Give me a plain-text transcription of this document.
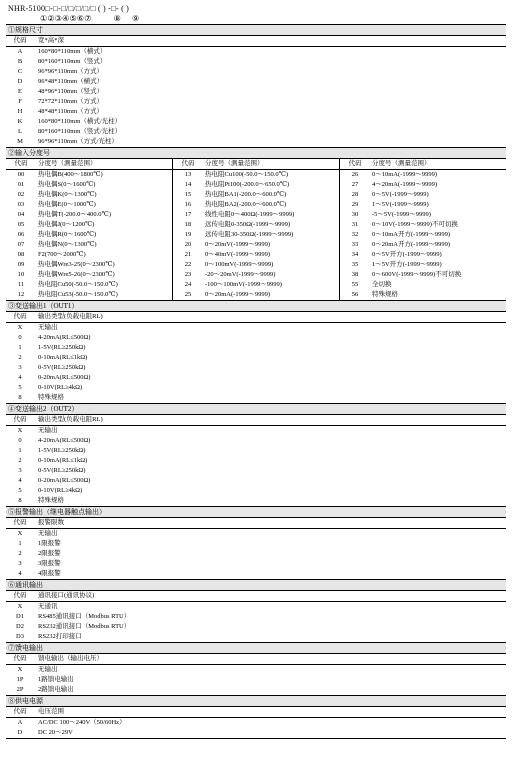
NHR-5100□-□-□/□/□/□/□ ( ) -□- ( )
①②③④⑤⑥⑦          ⑧     ⑨
①规格尺寸
代码	宽*高*深
A	160*80*110mm（横式）
B	80*160*110mm（竖式）
C	96*96*110mm（方式）
D	96*48*110mm（横式）
E	48*96*110mm（竖式）
F	72*72*110mm（方式）
H	48*48*110mm（方式）
K	160*80*110mm（横式/光柱）
L	80*160*110mm（竖式/光柱）
M	96*96*110mm（方式/光柱）
②输入分度号
代码	分度号（测量范围）
00	热电偶B(400～1800℃)
01	热电偶S(0～1600℃)
02	热电偶K(0～1300℃)
03	热电偶E(0～1000℃)
04	热电偶T(-200.0～400.0℃)
05	热电偶J(0～1200℃)
06	热电偶R(0～1600℃)
07	热电偶N(0～1300℃)
08	F2(700～2000℃)
09	热电偶Wre3-25(0～2300℃)
10	热电偶Wre5-26(0～2300℃)
11	热电阻Cu50(-50.0～150.0℃)
12	热电阻Cu53(-50.0～150.0℃)
代码	分度号（测量范围）
13	热电阻Cu100(-50.0～150.0℃)
14	热电阻Pt100(-200.0～650.0℃)
15	热电阻BA1(-200.0～600.0℃)
16	热电阻BA2(-200.0～600.0℃)
17	线性电阻0～400Ω(-1999～9999)
18	远传电阻0-350Ω(-1999～9999)
19	远传电阻30-350Ω(-1999～9999)
20	0～20mV(-1999～9999)
21	0～40mV(-1999～9999)
22	0～100mV(-1999～9999)
23	-20～20mV(-1999～9999)
24	-100～100mV(-1999～9999)
25	0～20mA(-1999～9999)
代码	分度号（测量范围）
26	0～10mA(-1999～9999)
27	4～20mA(-1999～9999)
28	0～5V(-1999～9999)
29	1～5V(-1999～9999)
30	-5～5V(-1999～9999)
31	0～10V(-1999～9999)不可切换
32	0～10mA开方(-1999～9999)
33	0～20mA开方(-1999～9999)
34	0～5V开方(-1999～9999)
35	1～5V开方(-1999～9999)
38	0～600V(-1999～9999)不可切换
55	全切换
56	特殊规格
③变送输出1（OUT1）
代码	输出类型(负载电阻RL)
X	无输出
0	4-20mA(RL≤500Ω)
1	1-5V(RL≥250kΩ)
2	0-10mA(RL≤1kΩ)
3	0-5V(RL≥250kΩ)
4	0-20mA(RL≤500Ω)
5	0-10V(RL≥4kΩ)
8	特殊规格
④变送输出2（OUT2）
代码	输出类型(负载电阻RL)
X	无输出
0	4-20mA(RL≤500Ω)
1	1-5V(RL≥250kΩ)
2	0-10mA(RL≤1kΩ)
3	0-5V(RL≥250kΩ)
4	0-20mA(RL≤500Ω)
5	0-10V(RL≥4kΩ)
8	特殊规格
⑤报警输出（继电器触点输出）
代码	报警限数
X	无输出
1	1限报警
2	2限报警
3	3限报警
4	4限报警
⑥通讯输出
代码	通讯接口(通讯协议)
X	无通讯
D1	RS485通讯接口（Modbus RTU）
D2	RS232通讯接口（Modbus RTU）
D3	RS232打印接口
⑦馈电输出
代码	馈电输出（输出电压）
X	无输出
1P	1路馈电输出
2P	2路馈电输出
⑧供电电源
代码	电压范围
A	AC/DC 100～240V（50/60Hz）
D	DC 20～29V
